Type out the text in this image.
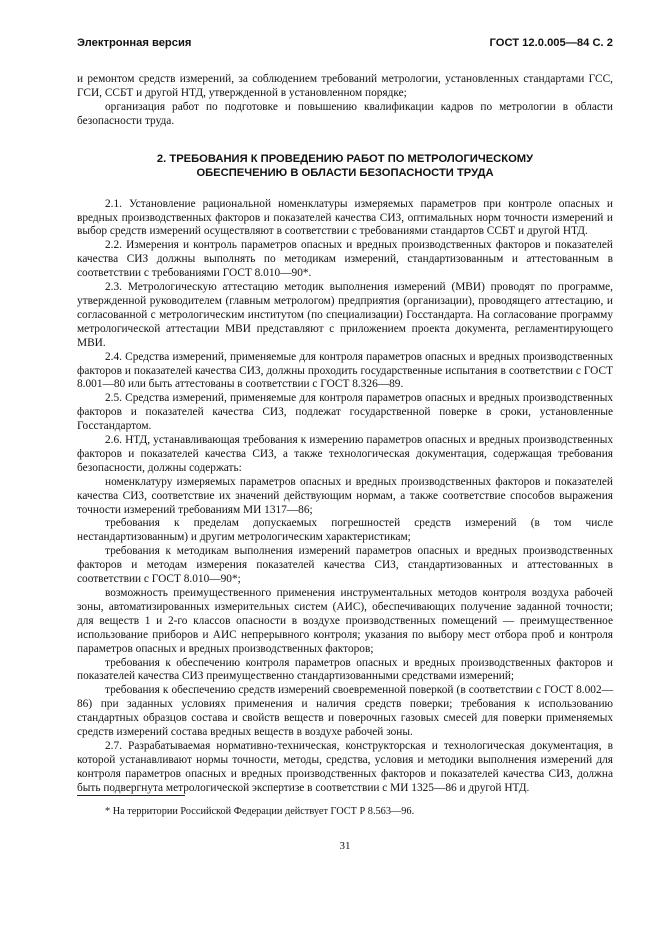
Электронная версия	ГОСТ 12.0.005—84 С. 2

и ремонтом средств измерений, за соблюдением требований метрологии, установленных стандартами ГСС, ГСИ, ССБТ и другой НТД, утвержденной в установленном порядке;

организация работ по подготовке и повышению квалификации кадров по метрологии в области безопасности труда.

2. ТРЕБОВАНИЯ К ПРОВЕДЕНИЮ РАБОТ ПО МЕТРОЛОГИЧЕСКОМУ
ОБЕСПЕЧЕНИЮ В ОБЛАСТИ БЕЗОПАСНОСТИ ТРУДА

2.1. Установление рациональной номенклатуры измеряемых параметров при контроле опасных и вредных производственных факторов и показателей качества СИЗ, оптимальных норм точности измерений и выбор средств измерений осуществляют в соответствии с требованиями стандартов ССБТ и другой НТД.

2.2. Измерения и контроль параметров опасных и вредных производственных факторов и показателей качества СИЗ должны выполнять по методикам измерений, стандартизованным и аттестованным в соответствии с требованиями ГОСТ 8.010—90*.

2.3. Метрологическую аттестацию методик выполнения измерений (МВИ) проводят по программе, утвержденной руководителем (главным метрологом) предприятия (организации), проводящего аттестацию, и согласованной с метрологическим институтом (по специализации) Госстандарта. На согласование программу метрологической аттестации МВИ представляют с приложением проекта документа, регламентирующего МВИ.

2.4. Средства измерений, применяемые для контроля параметров опасных и вредных производственных факторов и показателей качества СИЗ, должны проходить государственные испытания в соответствии с ГОСТ 8.001—80 или быть аттестованы в соответствии с ГОСТ 8.326—89.

2.5. Средства измерений, применяемые для контроля параметров опасных и вредных производственных факторов и показателей качества СИЗ, подлежат государственной поверке в сроки, установленные Госстандартом.

2.6. НТД, устанавливающая требования к измерению параметров опасных и вредных производственных факторов и показателей качества СИЗ, а также технологическая документация, содержащая требования безопасности, должны содержать:

номенклатуру измеряемых параметров опасных и вредных производственных факторов и показателей качества СИЗ, соответствие их значений действующим нормам, а также соответствие способов выражения точности измерений требованиям МИ 1317—86;

требования к пределам допускаемых погрешностей средств измерений (в том числе нестандартизованным) и другим метрологическим характеристикам;

требования к методикам выполнения измерений параметров опасных и вредных производственных факторов и методам измерения показателей качества СИЗ, стандартизованных и аттестованных в соответствии с ГОСТ 8.010—90*;

возможность преимущественного применения инструментальных методов контроля воздуха рабочей зоны, автоматизированных измерительных систем (АИС), обеспечивающих получение заданной точности; для веществ 1 и 2-го классов опасности в воздухе производственных помещений — преимущественное использование приборов и АИС непрерывного контроля; указания по выбору мест отбора проб и контроля параметров опасных и вредных производственных факторов;

требования к обеспечению контроля параметров опасных и вредных производственных факторов и показателей качества СИЗ преимущественно стандартизованными средствами измерений;

требования к обеспечению средств измерений своевременной поверкой (в соответствии с ГОСТ 8.002—86) при заданных условиях применения и наличия средств поверки; требования к использованию стандартных образцов состава и свойств веществ и поверочных газовых смесей для поверки применяемых средств измерений состава вредных веществ в воздухе рабочей зоны.

2.7. Разрабатываемая нормативно-техническая, конструкторская и технологическая документация, в которой устанавливают нормы точности, методы, средства, условия и методики выполнения измерений для контроля параметров опасных и вредных производственных факторов и показателей качества СИЗ, должна быть подвергнута метрологической экспертизе в соответствии с МИ 1325—86 и другой НТД.

* На территории Российской Федерации действует ГОСТ Р 8.563—96.
31
